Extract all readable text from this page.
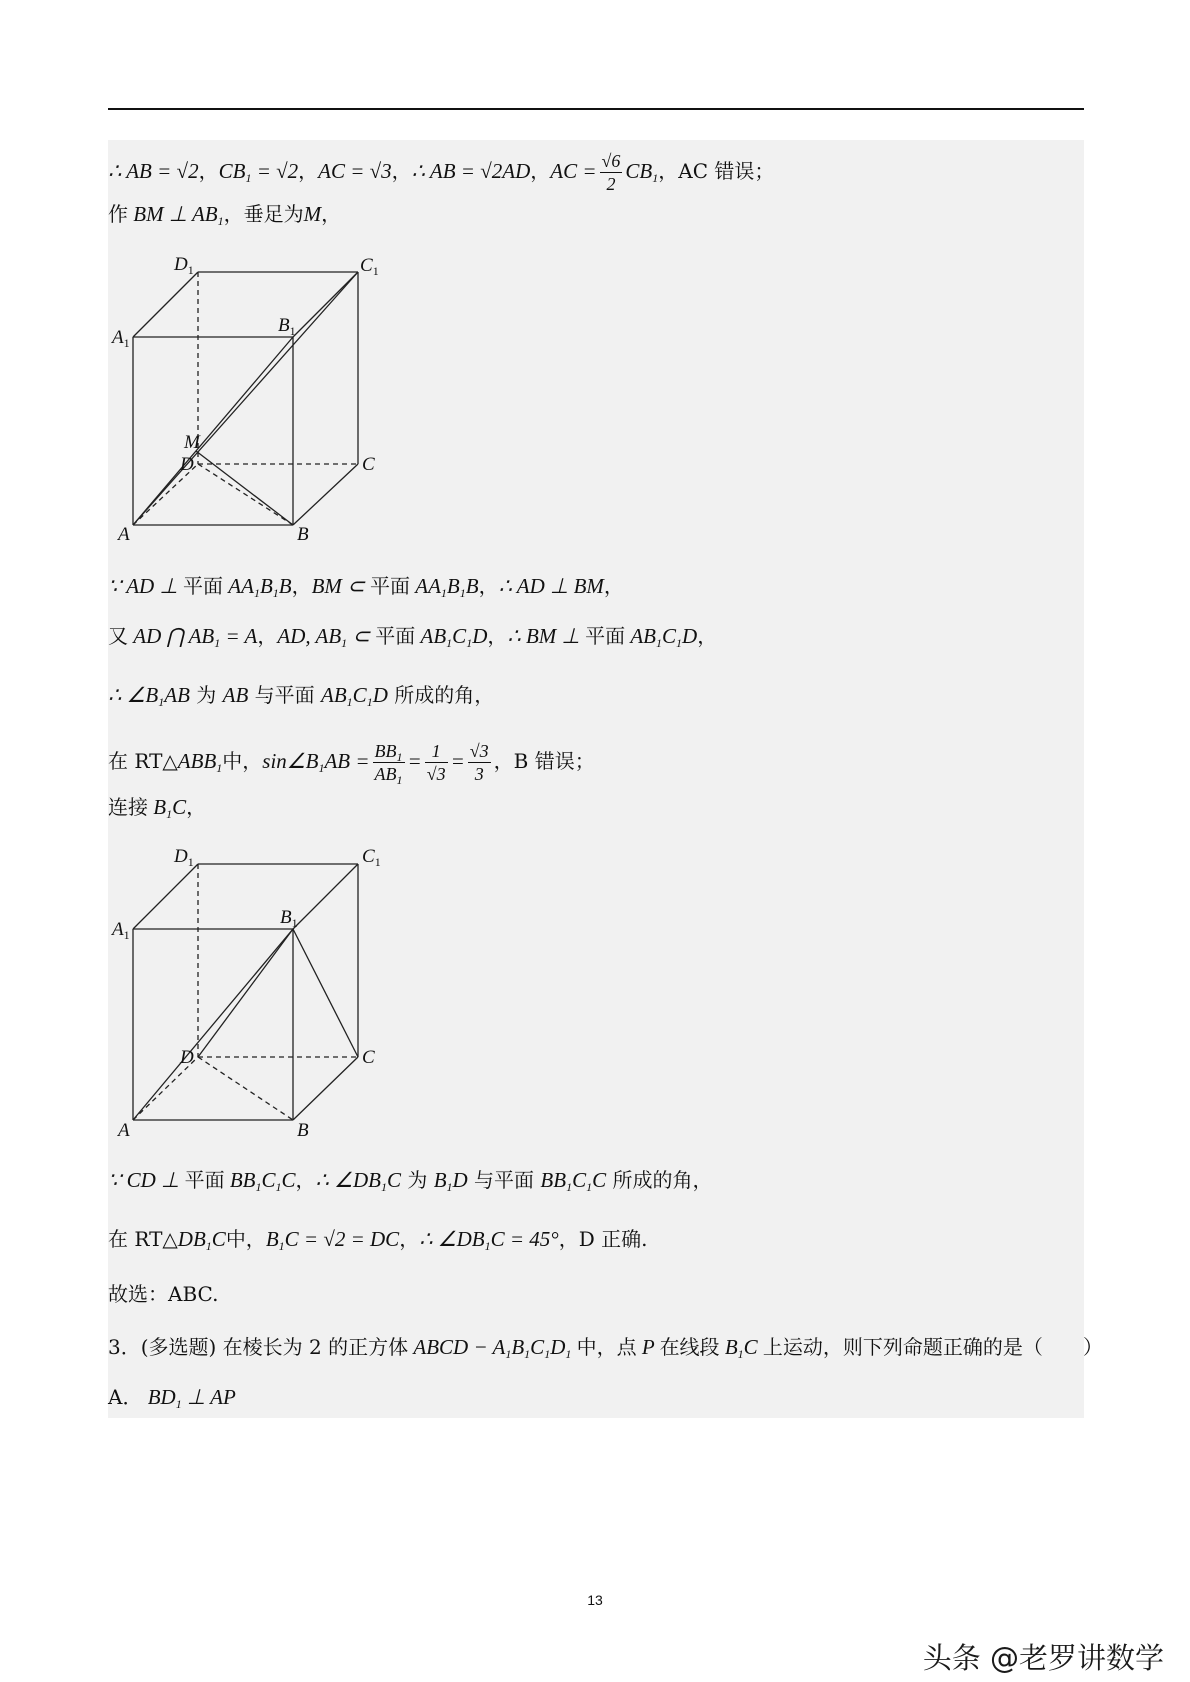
∴ AB = √2，$CB_1 = √2$，AC = √3，∴ AB = √2AD，AC = $\frac{√6}{2} CB_1$，AC 错误；
作 BM ⊥ $AB_1$，垂足为M，
$D_1$	$C_1$
$A_1$
$B_1$
M
D	C
A	B
∵ AD ⊥ 平面 $AA_1B_1B$，BM ⊂ 平面 $AA_1B_1B$，∴ AD ⊥ BM，
又 AD ⋂ $AB_1 = A$，AD, $AB_1$ ⊂ 平面 $AB_1C_1D$，∴ BM ⊥ 平面 $AB_1C_1D$，
∴ $\angle B_1AB$ 为 AB 与平面 $AB_1C_1D$ 所成的角，
在 $RT\triangle ABB_1$中，$\sin\angle B_1AB = \frac{BB_1}{AB_1} = \frac{1}{√3} = \frac{√3}{3}$ ，B 错误；
连接 $B_1C$，
$D_1$	$C_1$
$A_1$
$B_1$
D	C
A	B
∵ CD ⊥ 平面 $BB_1C_1C$，∴ $\angle DB_1C$ 为 $B_1D$ 与平面 $BB_1C_1C$ 所成的角，
在 $RT\triangle DB_1C$中，$B_1C = √2$ = DC，∴ $\angle DB_1C = 45^\circ$，D 正确.
故选：ABC.
3．(多选题) 在棱长为 2 的正方体 ABCD − $A_1B_1C_1D_1$ 中，点 P 在线段 $B_1C$ 上运动，则下列命题正确的是（　　）
A． $BD_1$ ⊥ AP
13
头条 @老罗讲数学
